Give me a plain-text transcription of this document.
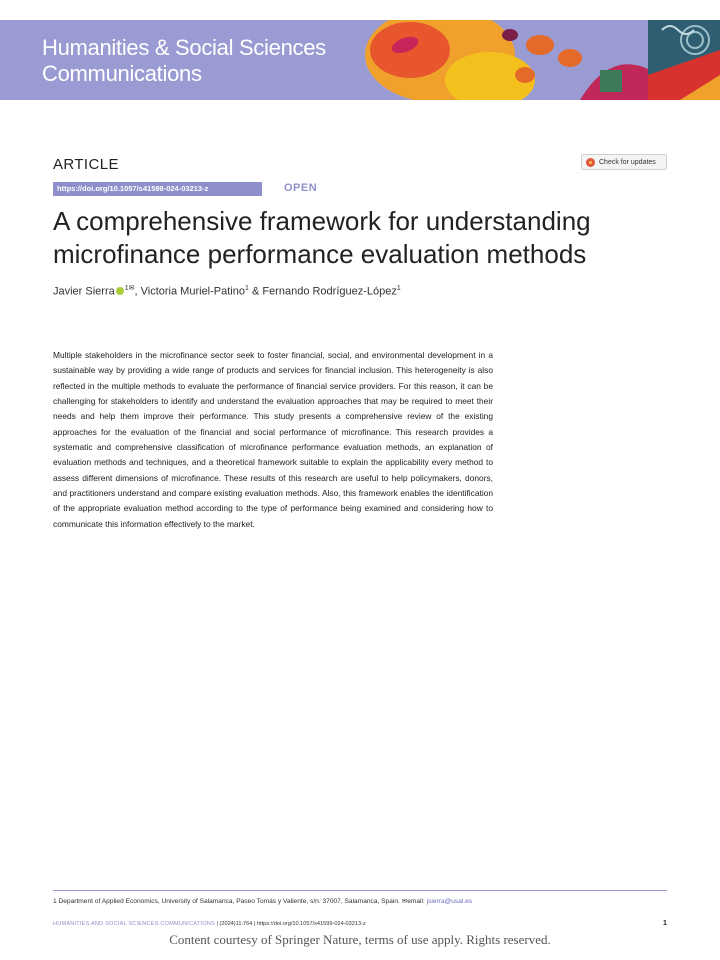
Humanities & Social Sciences
Communications
ARTICLE	Check for updates
https://doi.org/10.1057/s41599-024-03213-z	OPEN
A comprehensive framework for understanding microfinance performance evaluation methods
Javier Sierra $^{1✉}$, Victoria Muriel-Patino$^1$ & Fernando Rodríguez-López$^1$

Multiple stakeholders in the microfinance sector seek to foster financial, social, and environmental development in a sustainable way by providing a wide range of products and services for financial inclusion. This heterogeneity is also reflected in the multiple methods to evaluate the performance of financial service providers. For this reason, it can be challenging for stakeholders to identify and understand the evaluation approaches that may be required to meet their needs and help them improve their performance. This study presents a comprehensive review of the existing approaches for the evaluation of the financial and social performance of microfinance. This research provides a systematic and comprehensive classification of microfinance performance evaluation methods, an explanation of evaluation methods and techniques, and a theoretical framework suitable to explain the applicability every method to assess different dimensions of microfinance. These results of this research are useful to help policymakers, donors, and practitioners understand and compare existing evaluation methods. Also, this framework enables the identification of the appropriate evaluation method according to the type of performance being examined and considering how to communicate this information effectively to the market.

1 Department of Applied Economics, University of Salamanca, Paseo Tomás y Valiente, s/n. 37007, Salamanca, Spain. ✉email: jsierra@usal.es
HUMANITIES AND SOCIAL SCIENCES COMMUNICATIONS | (2024)11:764 | https://doi.org/10.1057/s41599-024-03213-z	1
Content courtesy of Springer Nature, terms of use apply. Rights reserved.
